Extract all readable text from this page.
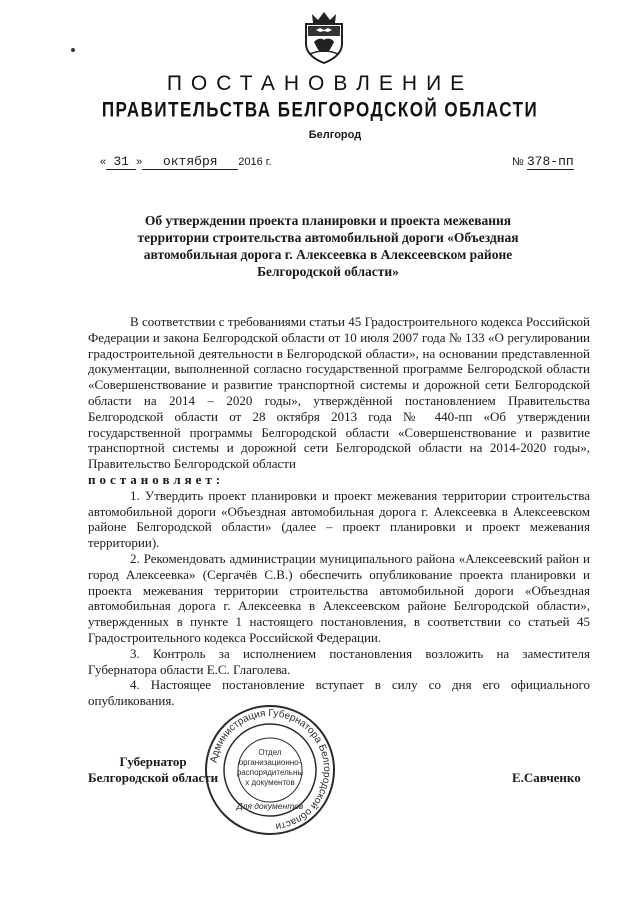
ПОСТАНОВЛЕНИЕ
ПРАВИТЕЛЬСТВА БЕЛГОРОДСКОЙ ОБЛАСТИ
Белгород
« 31 » октября 2016 г.	№ 378-пп
Об утверждении проекта планировки и проекта межевания территории строительства автомобильной дороги «Объездная автомобильная дорога г. Алексеевка в Алексеевском районе Белгородской области»

В соответствии с требованиями статьи 45 Градостроительного кодекса Российской Федерации и закона Белгородской области от 10 июля 2007 года № 133 «О регулировании градостроительной деятельности в Белгородской области», на основании представленной документации, выполненной согласно государственной программе Белгородской области «Совершенствование и развитие транспортной системы и дорожной сети Белгородской области на 2014 – 2020 годы», утверждённой постановлением Правительства Белгородской области от 28 октября 2013 года № 440-пп «Об утверждении государственной программы Белгородской области «Совершенствование и развитие транспортной системы и дорожной сети Белгородской области на 2014-2020 годы», Правительство Белгородской области

постановляет:

1. Утвердить проект планировки и проект межевания территории строительства автомобильной дороги «Объездная автомобильная дорога г. Алексеевка в Алексеевском районе Белгородской области» (далее – проект планировки и проект межевания территории).

2. Рекомендовать администрации муниципального района «Алексеевский район и город Алексеевка» (Сергачёв С.В.) обеспечить опубликование проекта планировки и проекта межевания территории строительства автомобильной дороги «Объездная автомобильная дорога г. Алексеевка в Алексеевском районе Белгородской области», утвержденных в пункте 1 настоящего постановления, в соответствии со статьей 45 Градостроительного кодекса Российской Федерации.

3. Контроль за исполнением постановления возложить на заместителя Губернатора области Е.С. Глаголева.

4. Настоящее постановление вступает в силу со дня его официального опубликования.

Губернатор
Белгородской области	Е.Савченко
Администрация Губернатора Белгородской области
Для документов
Отдел организационно-распорядительных документов
